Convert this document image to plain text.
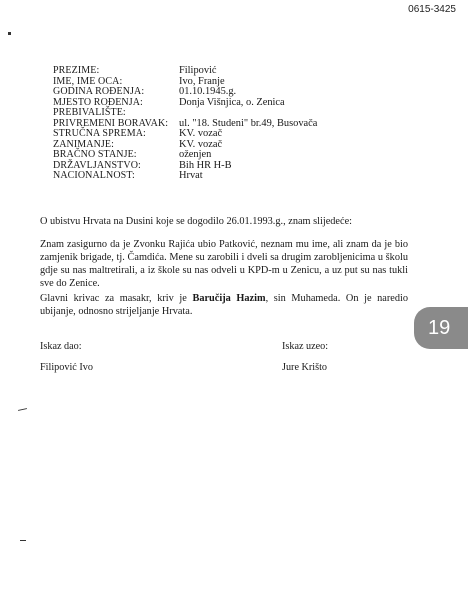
0615-3425
19
PREZIME:	Filipović
IME, IME OCA:	Ivo, Franje
GODINA ROĐENJA:	01.10.1945.g.
MJESTO ROĐENJA:	Donja Višnjica, o. Zenica
PREBIVALIŠTE:
PRIVREMENI BORAVAK:	ul. "18. Studeni" br.49, Busovača
STRUČNA SPREMA:	KV. vozač
ZANIMANJE:	KV. vozač
BRAČNO STANJE:	oženjen
DRŽAVLJANSTVO:	Bih HR H-B
NACIONALNOST:	Hrvat
O ubistvu Hrvata na Dusini koje se dogodilo 26.01.1993.g., znam slijedeće:
Znam zasigurno da je Zvonku Rajića ubio Patković, neznam mu ime, ali znam da je bio zamjenik brigade, tj. Čamdića. Mene su zarobili i dveli sa drugim zarobljenicima u školu gdje su nas maltretirali, a iz škole su nas odveli u KPD-m u Zenicu, a uz put su nas tukli sve do Zenice.
Glavni krivac za masakr, kriv je Baručija Hazim, sin Muhameda. On je naredio ubijanje, odnosno strijeljanje Hrvata.
Iskaz dao:
Filipović Ivo
Iskaz uzeo:
Jure Krišto
